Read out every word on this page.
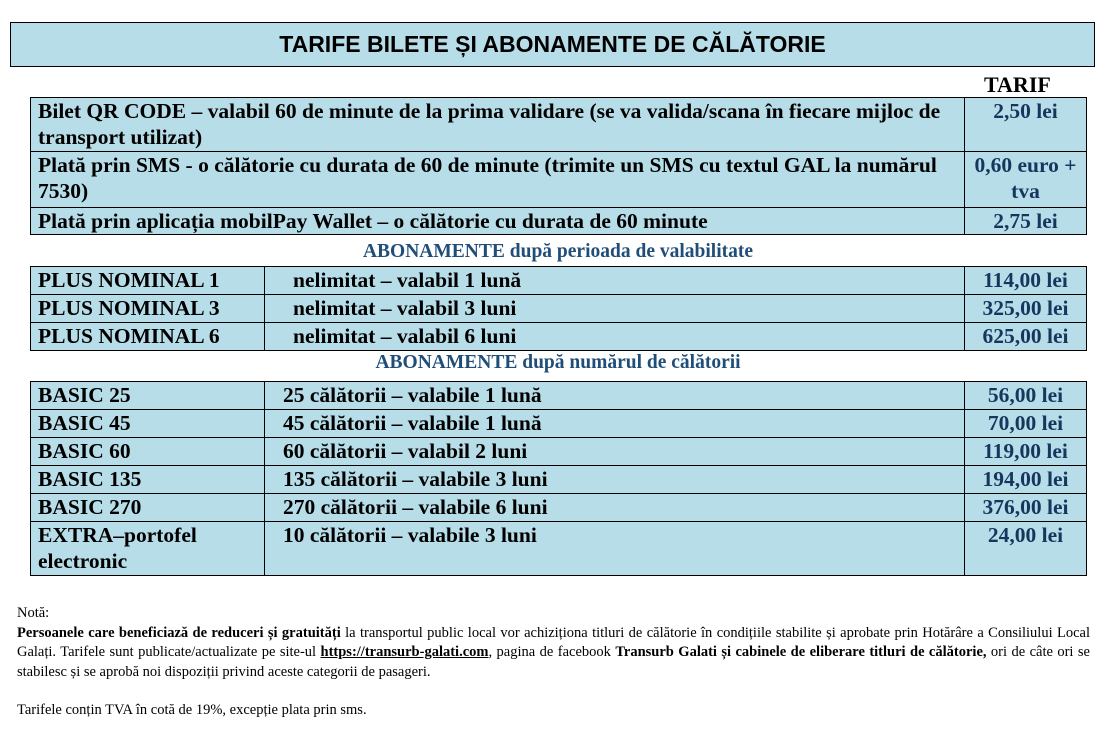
TARIFE BILETE ȘI ABONAMENTE DE CĂLĂTORIE
TARIF
Bilet QR CODE – valabil 60 de minute de la prima validare (se va valida/scana în fiecare mijloc de transport utilizat)	2,50 lei
Plată prin SMS - o călătorie cu durata de 60 de minute (trimite un SMS cu textul GAL la numărul 7530)	0,60 euro + tva
Plată prin aplicația mobilPay Wallet – o călătorie cu durata de 60 minute	2,75 lei
ABONAMENTE după perioada de valabilitate
PLUS NOMINAL 1	nelimitat – valabil 1 lună	114,00 lei
PLUS NOMINAL 3	nelimitat – valabil 3 luni	325,00 lei
PLUS NOMINAL 6	nelimitat – valabil 6 luni	625,00 lei
ABONAMENTE după numărul de călătorii
BASIC 25	25 călătorii – valabile 1 lună	56,00 lei
BASIC 45	45 călătorii – valabile 1 lună	70,00 lei
BASIC 60	60 călătorii – valabil 2 luni	119,00 lei
BASIC 135	135 călătorii – valabile 3 luni	194,00 lei
BASIC 270	270 călătorii – valabile 6 luni	376,00 lei
EXTRA–portofel electronic	10 călătorii – valabile 3 luni	24,00 lei

Notă:

Persoanele care beneficiază de reduceri și gratuități la transportul public local vor achiziționa titluri de călătorie în condițiile stabilite și aprobate prin Hotărâre a Consiliului Local Galați. Tarifele sunt publicate/actualizate pe site-ul https://transurb-galati.com, pagina de facebook Transurb Galati și cabinele de eliberare titluri de călătorie, ori de câte ori se stabilesc și se aprobă noi dispoziții privind aceste categorii de pasageri.

Tarifele conțin TVA în cotă de 19%, excepție plata prin sms.
